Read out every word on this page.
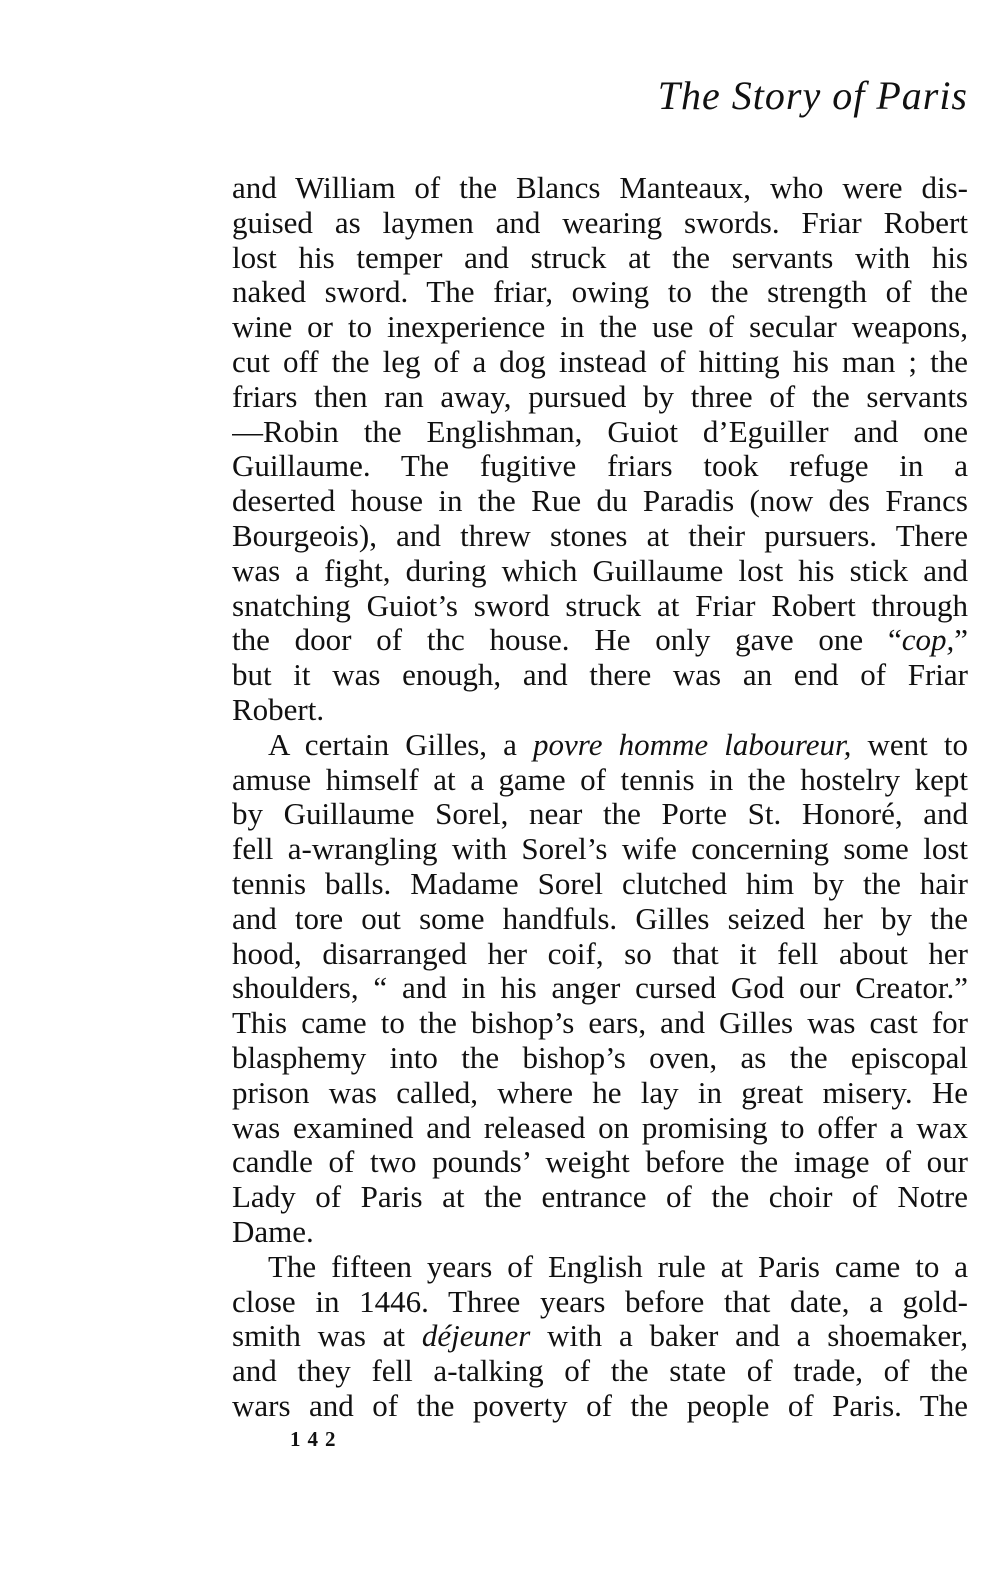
The Story of Paris
and William of the Blancs Manteaux, who were dis-
guised as laymen and wearing swords. Friar Robert
lost his temper and struck at the servants with his
naked sword. The friar, owing to the strength of the
wine or to inexperience in the use of secular weapons,
cut off the leg of a dog instead of hitting his man ; the
friars then ran away, pursued by three of the servants
—Robin the Englishman, Guiot d’Eguiller and one
Guillaume. The fugitive friars took refuge in a
deserted house in the Rue du Paradis (now des Francs
Bourgeois), and threw stones at their pursuers. There
was a fight, during which Guillaume lost his stick and
snatching Guiot’s sword struck at Friar Robert through
the door of thc house. He only gave one “cop,”
but it was enough, and there was an end of Friar
Robert.
A certain Gilles, a povre homme laboureur, went to
amuse himself at a game of tennis in the hostelry kept
by Guillaume Sorel, near the Porte St. Honoré, and
fell a-wrangling with Sorel’s wife concerning some lost
tennis balls. Madame Sorel clutched him by the hair
and tore out some handfuls. Gilles seized her by the
hood, disarranged her coif, so that it fell about her
shoulders, “ and in his anger cursed God our Creator.”
This came to the bishop’s ears, and Gilles was cast for
blasphemy into the bishop’s oven, as the episcopal
prison was called, where he lay in great misery. He
was examined and released on promising to offer a wax
candle of two pounds’ weight before the image of our
Lady of Paris at the entrance of the choir of Notre
Dame.
The fifteen years of English rule at Paris came to a
close in 1446. Three years before that date, a gold-
smith was at déjeuner with a baker and a shoemaker,
and they fell a-talking of the state of trade, of the
wars and of the poverty of the people of Paris. The
142
